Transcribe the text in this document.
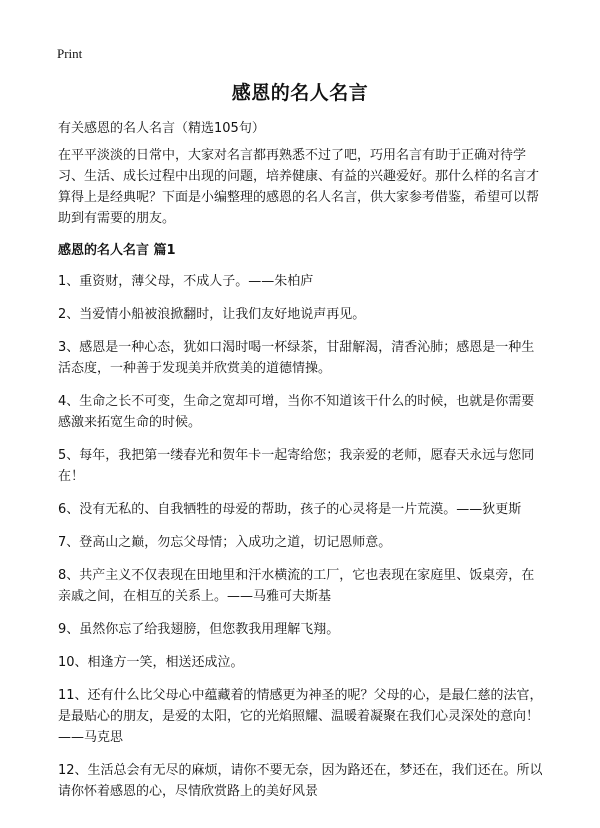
Print
感恩的名人名言

有关感恩的名人名言（精选105句）

在平平淡淡的日常中，大家对名言都再熟悉不过了吧，巧用名言有助于正确对待学习、生活、成长过程中出现的问题，培养健康、有益的兴趣爱好。那什么样的名言才算得上是经典呢？下面是小编整理的感恩的名人名言，供大家参考借鉴，希望可以帮助到有需要的朋友。

感恩的名人名言 篇1
1、重资财，薄父母，不成人子。——朱柏庐
2、当爱情小船被浪掀翻时，让我们友好地说声再见。
3、感恩是一种心态，犹如口渴时喝一杯绿茶，甘甜解渴，清香沁肺；感恩是一种生活态度，一种善于发现美并欣赏美的道德情操。
4、生命之长不可变，生命之宽却可增，当你不知道该干什么的时候，也就是你需要感激来拓宽生命的时候。
5、每年，我把第一缕春光和贺年卡一起寄给您；我亲爱的老师，愿春天永远与您同在！
6、没有无私的、自我牺牲的母爱的帮助，孩子的心灵将是一片荒漠。——狄更斯
7、登高山之巅，勿忘父母情；入成功之道，切记恩师意。
8、共产主义不仅表现在田地里和汗水横流的工厂，它也表现在家庭里、饭桌旁，在亲戚之间，在相互的关系上。——马雅可夫斯基
9、虽然你忘了给我翅膀，但您教我用理解飞翔。
10、相逢方一笑，相送还成泣。
11、还有什么比父母心中蕴藏着的情感更为神圣的呢？父母的心，是最仁慈的法官，是最贴心的朋友，是爱的太阳，它的光焰照耀、温暖着凝聚在我们心灵深处的意向！——马克思
12、生活总会有无尽的麻烦，请你不要无奈，因为路还在，梦还在，我们还在。所以请你怀着感恩的心，尽情欣赏路上的美好风景
